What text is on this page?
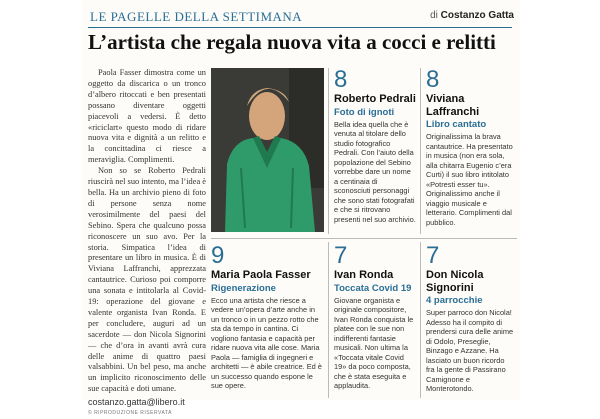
LE PAGELLE DELLA SETTIMANA	di Costanzo Gatta
L’artista che regala nuova vita a cocci e relitti

Paola Fasser dimostra come un oggetto da discarica o un tronco d’albero ritoccati e ben presentati possano diventare oggetti piacevoli a vedersi. È detto «riciclart» questo modo di ridare nuova vita e dignità a un relitto e la concittadina ci riesce a meraviglia. Complimenti.

Non so se Roberto Pedrali riuscirà nel suo intento, ma l’idea è bella. Ha un archivio pieno di foto di persone senza nome verosimilmente del paesi del Sebino. Spera che qualcuno possa riconoscere un suo avo. Per la storia. Simpatica l’idea di presentare un libro in musica. È di Viviana Laffranchi, apprezzata cantautrice. Curioso poi comporre una sonata e intitolarla al Covid-19: operazione del giovane e valente organista Ivan Ronda. E per concludere, auguri ad un sacerdote — don Nicola Signorini — che d’ora in avanti avrà cura delle anime di quattro paesi valsabbini. Un bel peso, ma anche un implicito riconoscimento delle sue capacità e doti umane.

costanzo.gatta@libero.it

© RIPRODUZIONE RISERVATA

8
Roberto Pedrali
Foto di ignoti
Bella idea quella che è venuta al titolare dello studio fotografico Pedrali. Con l’aiuto della popolazione del Sebino vorrebbe dare un nome a centinaia di sconosciuti personaggi che sono stati fotografati e che si ritrovano presenti nel suo archivio.
8
Viviana Laffranchi
Libro cantato
Originalissima la brava cantautrice. Ha presentato in musica (non era sola, alla chitarra Eugenio c’era Curti) il suo libro intitolato «Potresti esser tu». Originalissimo anche il viaggio musicale e letterario. Complimenti dal pubblico.
9
Maria Paola Fasser
Rigenerazione
Ecco una artista che riesce a vedere un’opera d’arte anche in un tronco o in un pezzo rotto che sta da tempo in cantina. Ci vogliono fantasia e capacità per ridare nuova vita alle cose. Maria Paola — famiglia di ingegneri e architetti — è abile creatrice. Ed è un successo quando espone le sue opere.
7
Ivan Ronda
Toccata Covid 19
Giovane organista e originale compositore, Ivan Ronda conquista le platee con le sue non indifferenti fantasie musicali. Non ultima la «Toccata vitale Covid 19» da poco composta, che è stata eseguita e applaudita.
7
Don Nicola Signorini
4 parrocchie
Super parroco don Nicola! Adesso ha il compito di prendersi cura delle anime di Odolo, Preseglie, Binzago e Azzane. Ha lasciato un buon ricordo fra la gente di Passirano Camignone e Monterotondo.
